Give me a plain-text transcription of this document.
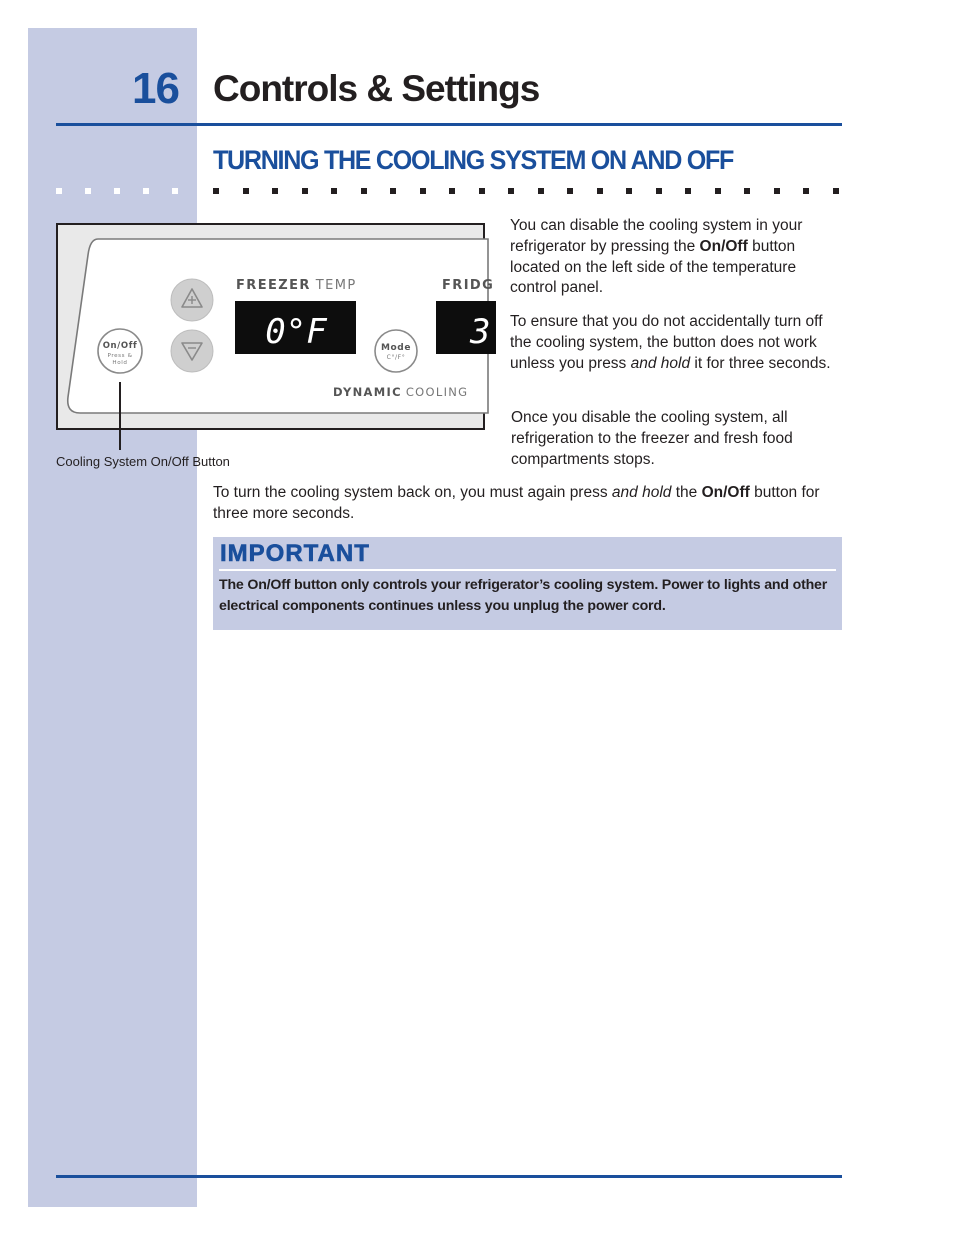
16 Controls & Settings
TURNING THE COOLING SYSTEM ON AND OFF
On/Off
Press &
Hold
FREEZER TEMP
0°F	Mode
C°/F°
FRIDG
3
DYNAMIC COOLING
Cooling System On/Off Button

You can disable the cooling system in your refrigerator by pressing the On/Off button located on the left side of the temperature control panel.

To ensure that you do not accidentally turn off the cooling system, the button does not work unless you press and hold it for three seconds.

Once you disable the cooling system, all refrigeration to the freezer and fresh food compartments stops.

To turn the cooling system back on, you must again press and hold the On/Off button for three more seconds.

IMPORTANT
The On/Off button only controls your refrigerator’s cooling system. Power to lights and other electrical components continues unless you unplug the power cord.
